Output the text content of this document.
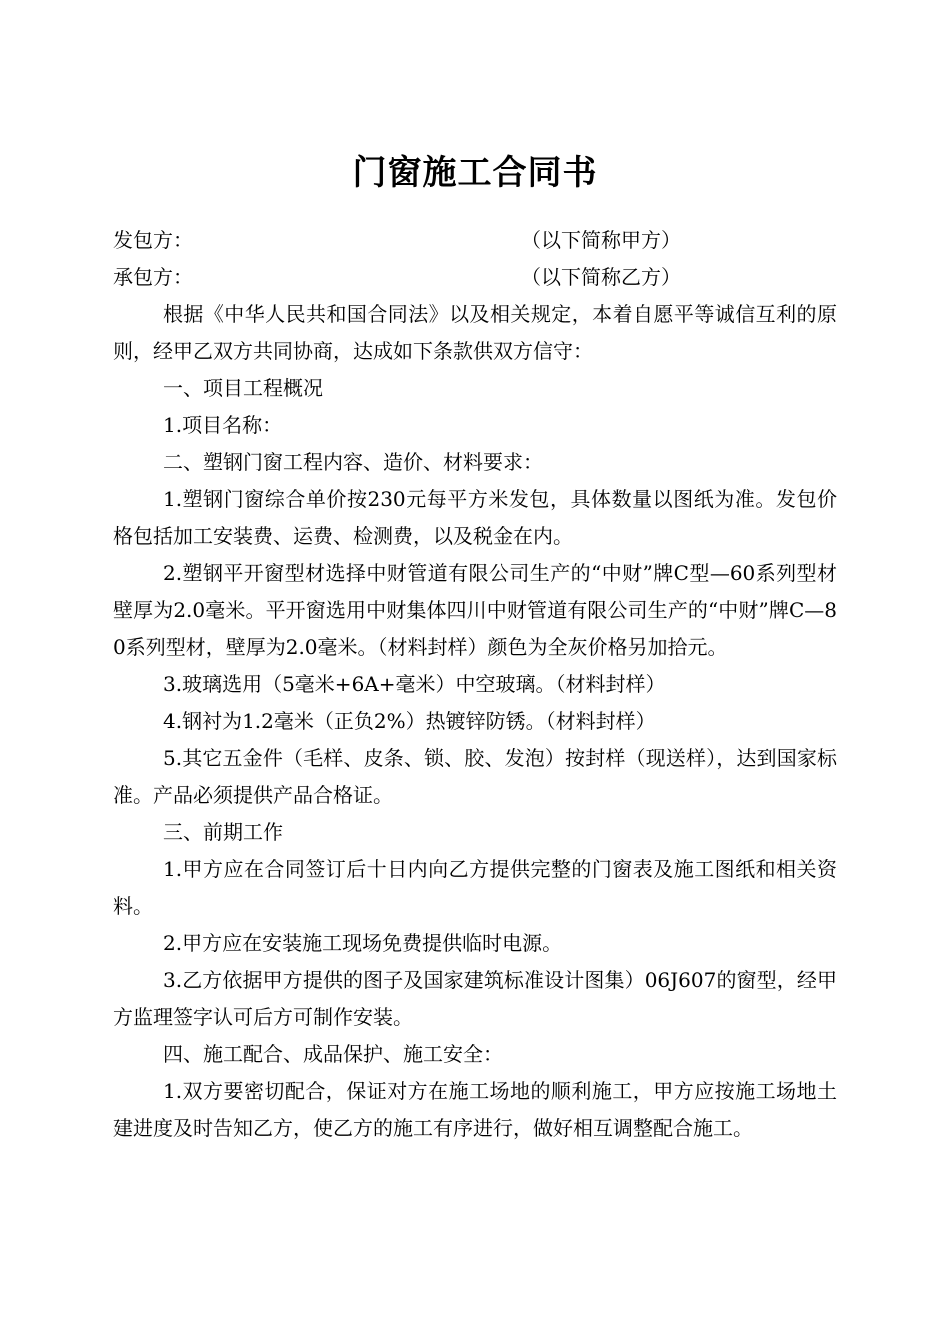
门窗施工合同书
发包方：	（以下简称甲方）
承包方：	（以下简称乙方）

根据《中华人民共和国合同法》以及相关规定，本着自愿平等诚信互利的原则，经甲乙双方共同协商，达成如下条款供双方信守：

一、项目工程概况

1.项目名称：

二、塑钢门窗工程内容、造价、材料要求：

1.塑钢门窗综合单价按230元每平方米发包，具体数量以图纸为准。发包价格包括加工安装费、运费、检测费，以及税金在内。

2.塑钢平开窗型材选择中财管道有限公司生产的“中财”牌C型—60系列型材壁厚为2.0毫米。平开窗选用中财集体四川中财管道有限公司生产的“中财”牌C—80系列型材，壁厚为2.0毫米。（材料封样）颜色为全灰价格另加拾元。

3.玻璃选用（5毫米+6A+毫米）中空玻璃。（材料封样）

4.钢衬为1.2毫米（正负2%）热镀锌防锈。（材料封样）

5.其它五金件（毛样、皮条、锁、胶、发泡）按封样（现送样），达到国家标准。产品必须提供产品合格证。

三、前期工作

1.甲方应在合同签订后十日内向乙方提供完整的门窗表及施工图纸和相关资料。

2.甲方应在安装施工现场免费提供临时电源。

3.乙方依据甲方提供的图子及国家建筑标准设计图集）06J607的窗型，经甲方监理签字认可后方可制作安装。

四、施工配合、成品保护、施工安全：

1.双方要密切配合，保证对方在施工场地的顺利施工，甲方应按施工场地土建进度及时告知乙方，使乙方的施工有序进行，做好相互调整配合施工。
